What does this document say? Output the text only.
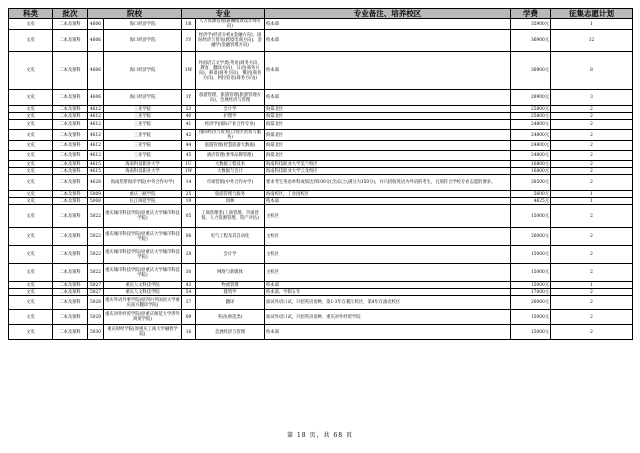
科类	批次	院校		专业		专业备注、培养校区	学费	征集志愿计划
文史	二本及预科	4606	海口经济学院	1R	人力资源管理(薪酬绩效设计师方向)	校本部	35900元	1
文史	二本及预科	4606	海口经济学院	1V	经济学(经济分析)(金融方向)，国际经济与贸易(跨境电商方向)，金融学(金融管理方向)	校本部	36900元	12
文史	二本及预科	4606	海口经济学院	1W	外国语言文学类(英语(商务方向、教育、翻译方向)，日语(商务方向)，韩语(商务方向)，俄语(商务方向)，阿拉伯语(商务方向))	校本部	36900元	8
文史	二本及预科	4606	海口经济学院	1Y	旅游管理，旅游管理(旅游管理方向)，会展经济与管理	校本部	28900元	3
文史	二本及预科	4612	三亚学院	23	会计学	海棠北区	25800元	2
文史	二本及预科	4612	三亚学院	40	护理学	海棠北区	25800元	2
文史	二本及预科	4612	三亚学院	41	经济学(国际产业合作专业)	海棠北区	24800元	2
文史	二本及预科	4612	三亚学院	42	国际经济与贸易(自贸区贸易与服务)	海棠北区	24800元	2
文史	二本及预科	4612	三亚学院	44	旅游管理(智慧旅游大数据)	海棠北区	24800元	2
文史	二本及预科	4612	三亚学院	45	酒店管理(奢华品牌管理)	海棠北区	24800元	2
文史	二本及预科	4615	海南科技职业大学	1U	大数据工程技术	海南科技职业大学美兰校区	16800元	2
文史	二本及预科	4615	海南科技职业大学	1W	大数据与会计	海南科技职业大学云龙校区	16800元	2
文史	二本及预科	4628	海南热带海洋学院(中外合作办学)	14	市场营销(中外合作办学)	要求考生英语单科成绩达到100分(含)以上(满分为150分)，并只招收英语为外语的考生，且须符合学校专业志愿的要求。	38500元	2
文史	二本及预科	5009	重庆三峡学院	25	旅游管理与服务	海南校区，工业园校区	5600元	1
文史	二本及预科	5008	长江师范学院	19	园林	校本部	4625元	1
文史	二本及预科	5022	重庆城市科技学院(原重庆大学城市科技学院)	05	工商管理类(工商管理，市场营销，人力资源管理，资产评估)	主校区	15000元	2
文史	二本及预科	5022	重庆城市科技学院(原重庆大学城市科技学院)	06	电气工程及其自动化	主校区	26000元	2
文史	二本及预科	5022	重庆城市科技学院(原重庆大学城市科技学院)	28	会计学	主校区	15000元	2
文史	二本及预科	5022	重庆城市科技学院(原重庆大学城市科技学院)	30	网络与新媒体	主校区	15000元	2
文史	二本及预科	5027	重庆人文科技学院	43	物流管理	校本部	15000元	1
文史	二本及预科	5027	重庆人文科技学院	54	建筑学	校本部，学制五年	17000元	2
文史	二本及预科	5028	重庆外语外事学院(原四川外国语大学重庆南方翻译学院)	37	翻译	加试外语口试，只招英语语种，第1-3年在綦江校区，第4年在渝北校区	26000元	2
文史	二本及预科	5029	重庆对外经贸学院(原重庆师范大学涉外商贸学院)	09	英语(师范类)	加试外语口试，只招英语语种，重庆对外经贸学院	15000元	2
文史	二本及预科	5030	重庆财经学院(原重庆工商大学融智学院)	16	会展经济与管理	校本部	15000元	2
第 18 页，共 68 页
